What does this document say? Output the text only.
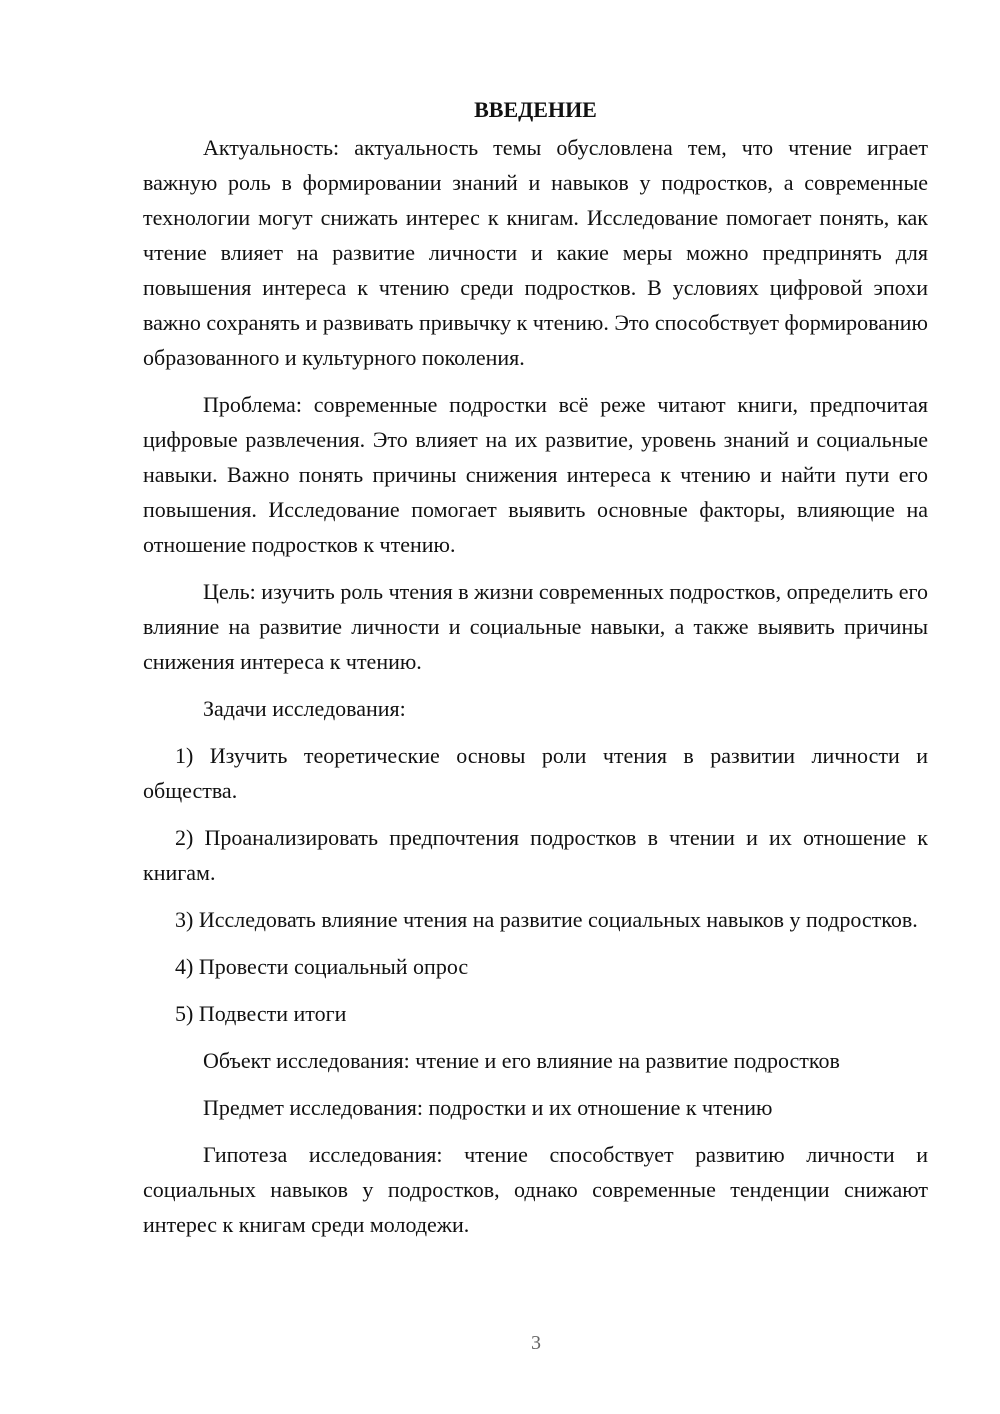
ВВЕДЕНИЕ

Актуальность: актуальность темы обусловлена тем, что чтение играет важную роль в формировании знаний и навыков у подростков, а современные технологии могут снижать интерес к книгам. Исследование помогает понять, как чтение влияет на развитие личности и какие меры можно предпринять для повышения интереса к чтению среди подростков. В условиях цифровой эпохи важно сохранять и развивать привычку к чтению. Это способствует формированию образованного и культурного поколения.

Проблема: современные подростки всё реже читают книги, предпочитая цифровые развлечения. Это влияет на их развитие, уровень знаний и социальные навыки. Важно понять причины снижения интереса к чтению и найти пути его повышения. Исследование помогает выявить основные факторы, влияющие на отношение подростков к чтению.

Цель: изучить роль чтения в жизни современных подростков, определить его влияние на развитие личности и социальные навыки, а также выявить причины снижения интереса к чтению.

Задачи исследования:

1) Изучить теоретические основы роли чтения в развитии личности и общества.

2) Проанализировать предпочтения подростков в чтении и их отношение к книгам.

3) Исследовать влияние чтения на развитие социальных навыков у подростков.

4) Провести социальный опрос

5) Подвести итоги

Объект исследования: чтение и его влияние на развитие подростков

Предмет исследования: подростки и их отношение к чтению

Гипотеза исследования: чтение способствует развитию личности и социальных навыков у подростков, однако современные тенденции снижают интерес к книгам среди молодежи.

3
